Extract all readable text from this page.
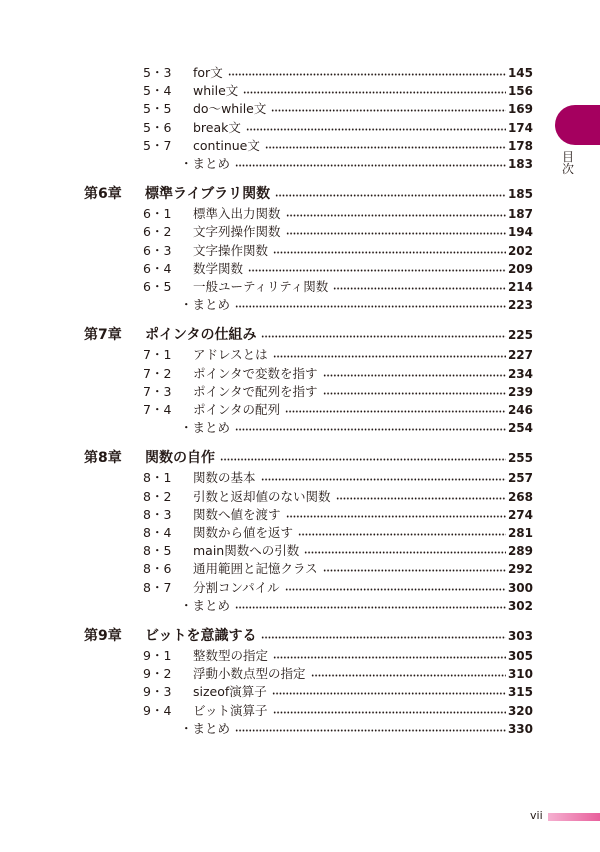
5・3 for文	145
5・4 while文	156
5・5 do～while文	169
5・6 break文	174
5・7 continue文	178
・まとめ	183
第6章 標準ライブラリ関数	185
6・1 標準入出力関数	187
6・2 文字列操作関数	194
6・3 文字操作関数	202
6・4 数学関数	209
6・5 一般ユーティリティ関数	214
・まとめ	223
第7章 ポインタの仕組み	225
7・1 アドレスとは	227
7・2 ポインタで変数を指す	234
7・3 ポインタで配列を指す	239
7・4 ポインタの配列	246
・まとめ	254
第8章 関数の自作	255
8・1 関数の基本	257
8・2 引数と返却値のない関数	268
8・3 関数へ値を渡す	274
8・4 関数から値を返す	281
8・5 main関数への引数	289
8・6 通用範囲と記憶クラス	292
8・7 分割コンパイル	300
・まとめ	302
第9章 ビットを意識する	303
9・1 整数型の指定	305
9・2 浮動小数点型の指定	310
9・3 sizeof演算子	315
9・4 ビット演算子	320
・まとめ	330
目
次
vii
